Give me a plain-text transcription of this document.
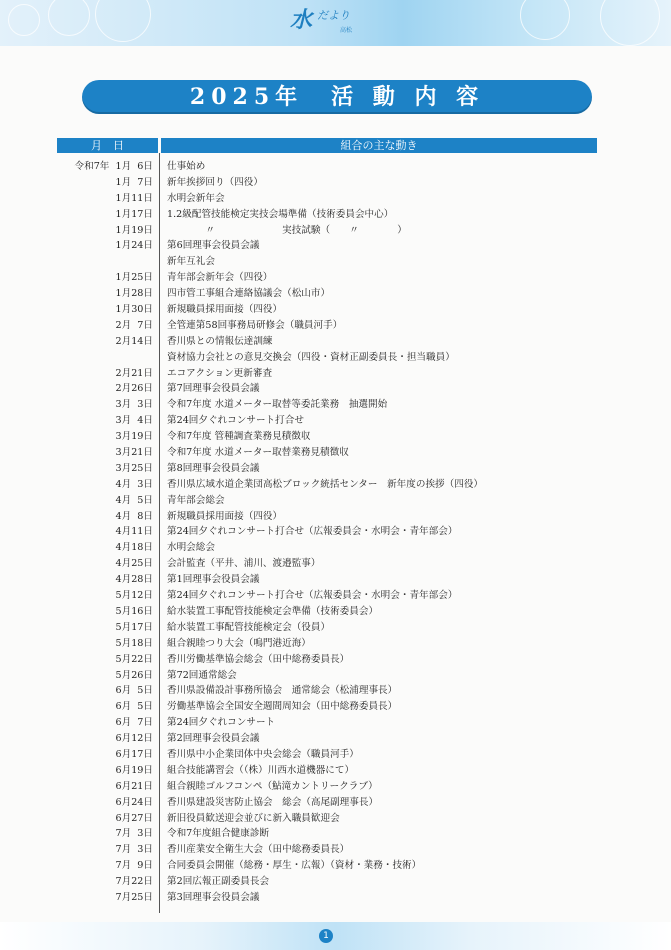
水 だより
高松
2025年　活 動 内 容
月　日	組合の主な動き
令和7年  1月  6日 仕事始め
1月  7日 新年挨拶回り（四役）
1月11日 水明会新年会
1月17日 1.2級配管技能検定実技会場準備（技術委員会中心）
1月19日 　　　　〃　　　　　　　実技試験（　　〃　　　　）
1月24日 第6回理事会役員会議
新年互礼会
1月25日 青年部会新年会（四役）
1月28日 四市管工事組合連絡協議会（松山市）
1月30日 新規職員採用面接（四役）
2月  7日 全管連第58回事務局研修会（職員河手）
2月14日 香川県との情報伝達訓練
資材協力会社との意見交換会（四役・資材正副委員長・担当職員）
2月21日 エコアクション更新審査
2月26日 第7回理事会役員会議
3月  3日 令和7年度 水道メーター取替等委託業務　抽選開始
3月  4日 第24回夕ぐれコンサート打合せ
3月19日 令和7年度 管種調査業務見積徴収
3月21日 令和7年度 水道メーター取替業務見積徴収
3月25日 第8回理事会役員会議
4月  3日 香川県広域水道企業団高松ブロック統括センター　新年度の挨拶（四役）
4月  5日 青年部会総会
4月  8日 新規職員採用面接（四役）
4月11日 第24回夕ぐれコンサート打合せ（広報委員会・水明会・青年部会）
4月18日 水明会総会
4月25日 会計監査（平井、浦川、渡邉監事）
4月28日 第1回理事会役員会議
5月12日 第24回夕ぐれコンサート打合せ（広報委員会・水明会・青年部会）
5月16日 給水装置工事配管技能検定会準備（技術委員会）
5月17日 給水装置工事配管技能検定会（役員）
5月18日 組合親睦つり大会（鳴門港近海）
5月22日 香川労働基準協会総会（田中総務委員長）
5月26日 第72回通常総会
6月  5日 香川県設備設計事務所協会　通常総会（松浦理事長）
6月  5日 労働基準協会全国安全週間周知会（田中総務委員長）
6月  7日 第24回夕ぐれコンサート
6月12日 第2回理事会役員会議
6月17日 香川県中小企業団体中央会総会（職員河手）
6月19日 組合技能講習会（（株）川西水道機器にて）
6月21日 組合親睦ゴルフコンペ（鮎滝カントリークラブ）
6月24日 香川県建設災害防止協会　総会（高尾副理事長）
6月27日 新旧役員歓送迎会並びに新入職員歓迎会
7月  3日 令和7年度組合健康診断
7月  3日 香川産業安全衛生大会（田中総務委員長）
7月  9日 合同委員会開催（総務・厚生・広報）（資材・業務・技術）
7月22日 第2回広報正副委員長会
7月25日 第3回理事会役員会議
1
